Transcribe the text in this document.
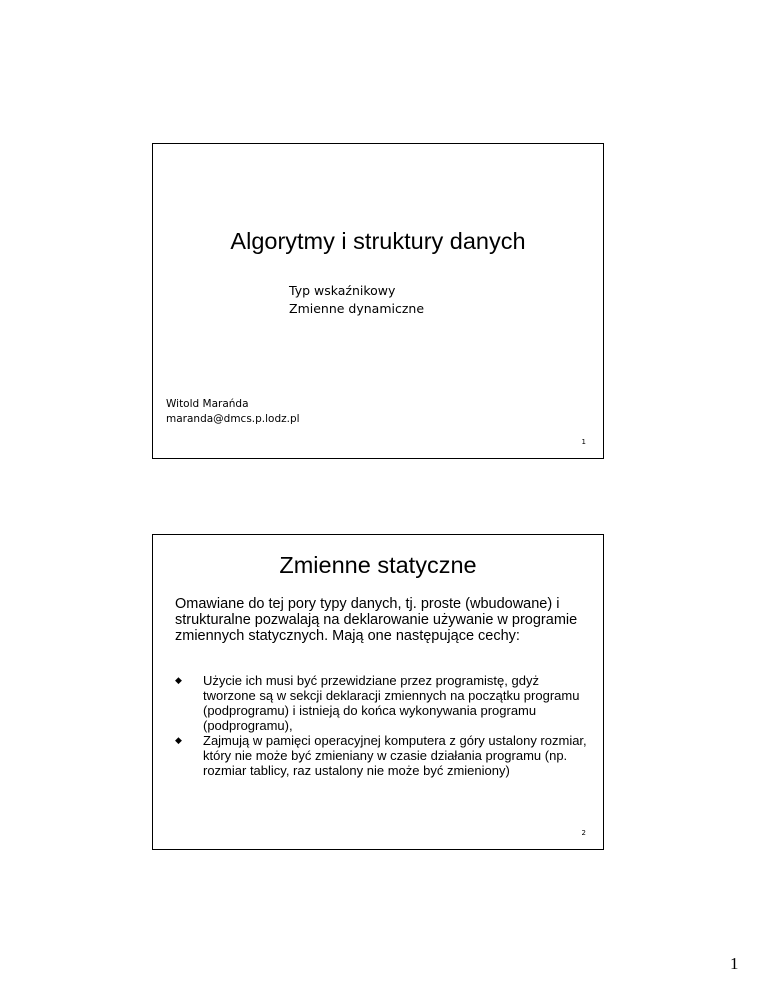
Algorytmy i struktury danych
Typ wskaźnikowy
Zmienne dynamiczne
Witold Marańda
maranda@dmcs.p.lodz.pl
1
Zmienne statyczne
Omawiane do tej pory typy danych, tj. proste (wbudowane) i strukturalne pozwalają na deklarowanie używanie w programie zmiennych statycznych. Mają one następujące cechy:
◆ Użycie ich musi być przewidziane przez programistę, gdyż tworzone są w sekcji deklaracji zmiennych na początku programu (podprogramu) i istnieją do końca wykonywania programu (podprogramu),
◆ Zajmują w pamięci operacyjnej komputera z góry ustalony rozmiar, który nie może być zmieniany w czasie działania programu (np. rozmiar tablicy, raz ustalony nie może być zmieniony)
2
1
